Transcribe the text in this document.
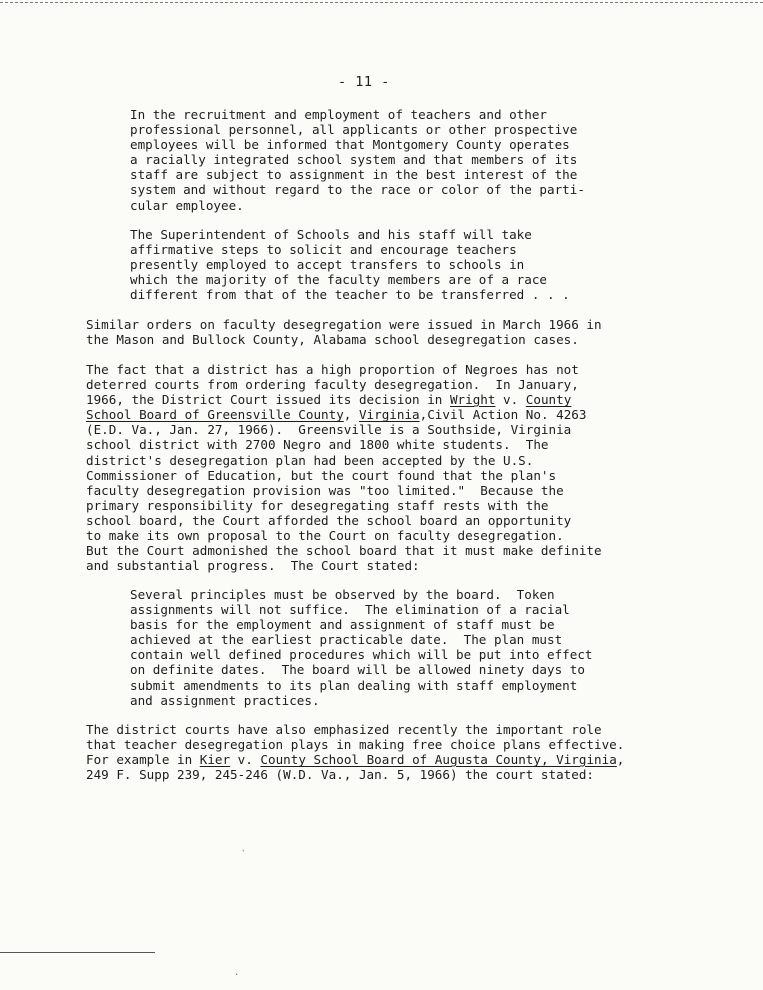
- 11 -
In the recruitment and employment of teachers and other
professional personnel, all applicants or other prospective
employees will be informed that Montgomery County operates
a racially integrated school system and that members of its
staff are subject to assignment in the best interest of the
system and without regard to the race or color of the parti-
cular employee.
The Superintendent of Schools and his staff will take
affirmative steps to solicit and encourage teachers
presently employed to accept transfers to schools in
which the majority of the faculty members are of a race
different from that of the teacher to be transferred . . .
Similar orders on faculty desegregation were issued in March 1966 in
the Mason and Bullock County, Alabama school desegregation cases.
The fact that a district has a high proportion of Negroes has not
deterred courts from ordering faculty desegregation.  In January,
1966, the District Court issued its decision in Wright v. County
School Board of Greensville County, Virginia,Civil Action No. 4263
(E.D. Va., Jan. 27, 1966).  Greensville is a Southside, Virginia
school district with 2700 Negro and 1800 white students.  The
district's desegregation plan had been accepted by the U.S.
Commissioner of Education, but the court found that the plan's
faculty desegregation provision was "too limited."  Because the
primary responsibility for desegregating staff rests with the
school board, the Court afforded the school board an opportunity
to make its own proposal to the Court on faculty desegregation.
But the Court admonished the school board that it must make definite
and substantial progress.  The Court stated:
Several principles must be observed by the board.  Token
assignments will not suffice.  The elimination of a racial
basis for the employment and assignment of staff must be
achieved at the earliest practicable date.  The plan must
contain well defined procedures which will be put into effect
on definite dates.  The board will be allowed ninety days to
submit amendments to its plan dealing with staff employment
and assignment practices.
The district courts have also emphasized recently the important role
that teacher desegregation plays in making free choice plans effective.
For example in Kier v. County School Board of Augusta County, Virginia,
249 F. Supp 239, 245-246 (W.D. Va., Jan. 5, 1966) the court stated:
`
.
